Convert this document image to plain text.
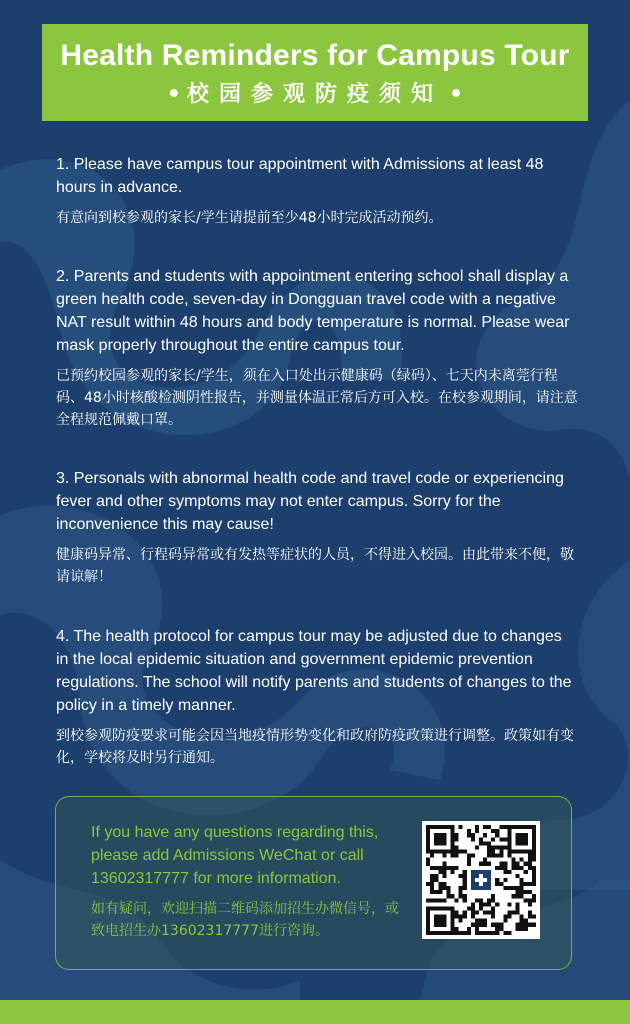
Health Reminders for Campus Tour
• 校园参观防疫须知 •

1. Please have campus tour appointment with Admissions at least 48 hours in advance.

有意向到校参观的家长/学生请提前至少48小时完成活动预约。

2. Parents and students with appointment entering school shall display a green health code, seven-day in Dongguan travel code with a negative NAT result within 48 hours and body temperature is normal. Please wear mask properly throughout the entire campus tour.

已预约校园参观的家长/学生，须在入口处出示健康码（绿码）、七天内未离莞行程码、48小时核酸检测阴性报告，并测量体温正常后方可入校。在校参观期间，请注意全程规范佩戴口罩。

3. Personals with abnormal health code and travel code or experiencing fever and other symptoms may not enter campus. Sorry for the inconvenience this may cause!

健康码异常、行程码异常或有发热等症状的人员，不得进入校园。由此带来不便，敬请谅解！

4. The health protocol for campus tour may be adjusted due to changes in the local epidemic situation and government epidemic prevention regulations. The school will notify parents and students of changes to the policy in a timely manner.

到校参观防疫要求可能会因当地疫情形势变化和政府防疫政策进行调整。政策如有变化，学校将及时另行通知。

If you have any questions regarding this, please add Admissions WeChat or call 13602317777 for more information.

如有疑问，欢迎扫描二维码添加招生办微信号，或致电招生办13602317777进行咨询。
